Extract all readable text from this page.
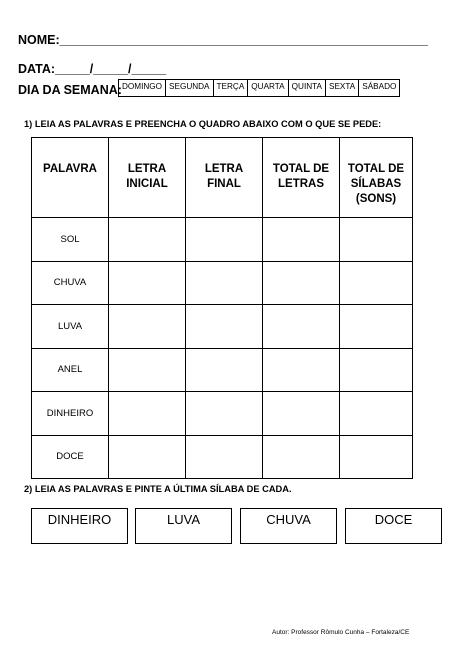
NOME:_____________________________________________________
DATA:_____/_____/_____
DIA DA SEMANA: DOMINGO SEGUNDA TERÇA QUARTA QUINTA SEXTA SÁBADO
1) LEIA AS PALAVRAS E PREENCHA O QUADRO ABAIXO COM O QUE SE PEDE:
PALAVRA	LETRA INICIAL	LETRA FINAL	TOTAL DE LETRAS	TOTAL DE SÍLABAS (SONS)
SOL				
CHUVA				
LUVA				
ANEL				
DINHEIRO				
DOCE				
2) LEIA AS PALAVRAS E PINTE A ÚLTIMA SÍLABA DE CADA.
DINHEIRO	LUVA	CHUVA	DOCE
Autor: Professor Rômulo Cunha – Fortaleza/CE
